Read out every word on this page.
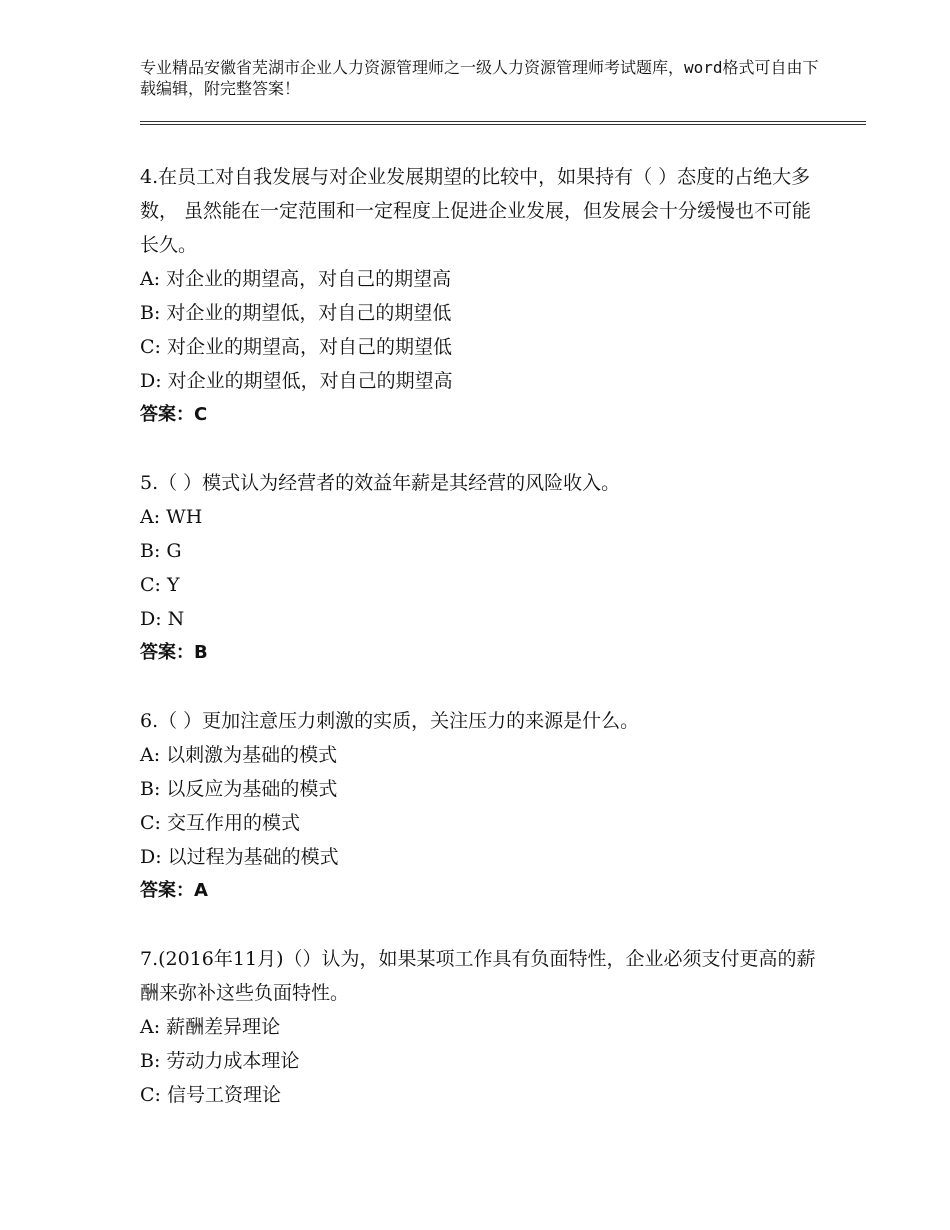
专业精品安徽省芜湖市企业人力资源管理师之一级人力资源管理师考试题库，word格式可自由下载编辑，附完整答案！

4.在员工对自我发展与对企业发展期望的比较中，如果持有（ ）态度的占绝大多数， 虽然能在一定范围和一定程度上促进企业发展，但发展会十分缓慢也不可能长久。

A: 对企业的期望高，对自己的期望高

B: 对企业的期望低，对自己的期望低

C: 对企业的期望高，对自己的期望低

D: 对企业的期望低，对自己的期望高

答案：C

5.（ ）模式认为经营者的效益年薪是其经营的风险收入。

A: WH

B: G

C: Y

D: N

答案：B

6.（ ）更加注意压力刺激的实质，关注压力的来源是什么。

A: 以刺激为基础的模式

B: 以反应为基础的模式

C: 交互作用的模式

D: 以过程为基础的模式

答案：A

7.(2016年11月)（）认为，如果某项工作具有负面特性，企业必须支付更高的薪酬来弥补这些负面特性。

A: 薪酬差异理论

B: 劳动力成本理论

C: 信号工资理论
